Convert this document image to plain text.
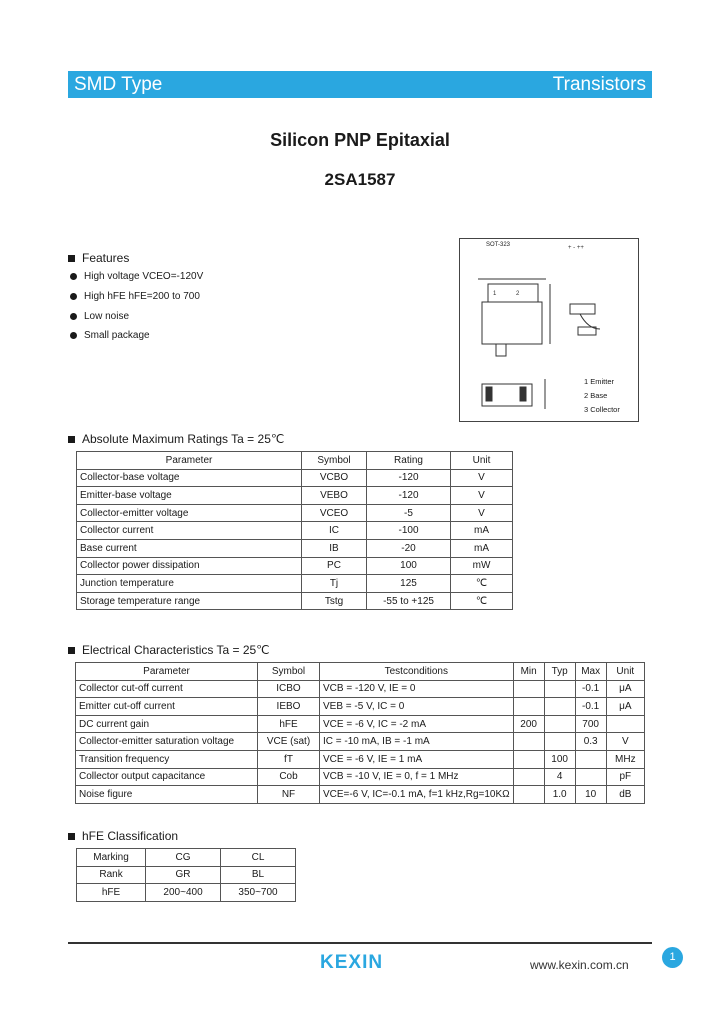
SMD Type	Transistors
Silicon PNP Epitaxial
2SA1587
Features
High voltage VCEO=-120V
High hFE hFE=200 to 700
Low noise
Small package
1	2
+ - ++
SOT-323
1 Emitter
2 Base
3 Collector
Absolute Maximum Ratings Ta = 25℃
Parameter	Symbol	Rating	Unit
Collector-base voltage	VCBO	-120	V
Emitter-base voltage	VEBO	-120	V
Collector-emitter voltage	VCEO	-5	V
Collector current	IC	-100	mA
Base current	IB	-20	mA
Collector power dissipation	PC	100	mW
Junction temperature	Tj	125	℃
Storage temperature range	Tstg	-55 to +125	℃
Electrical Characteristics Ta = 25℃
Parameter	Symbol	Testconditions	Min	Typ	Max	Unit
Collector cut-off current	ICBO	VCB = -120 V, IE = 0			-0.1	μA
Emitter cut-off current	IEBO	VEB = -5 V, IC = 0			-0.1	μA
DC current gain	hFE	VCE = -6 V, IC = -2 mA	200		700	
Collector-emitter saturation voltage	VCE (sat)	IC = -10 mA, IB = -1 mA			0.3	V
Transition frequency	fT	VCE = -6 V, IE = 1 mA		100		MHz
Collector output capacitance	Cob	VCB = -10 V, IE = 0, f = 1 MHz		4		pF
Noise figure	NF	VCE=-6 V, IC=-0.1 mA, f=1 kHz,Rg=10KΩ		1.0	10	dB
hFE Classification
Marking	CG	CL
Rank	GR	BL
hFE	200~400	350~700
KEXIN	www.kexin.com.cn
1
